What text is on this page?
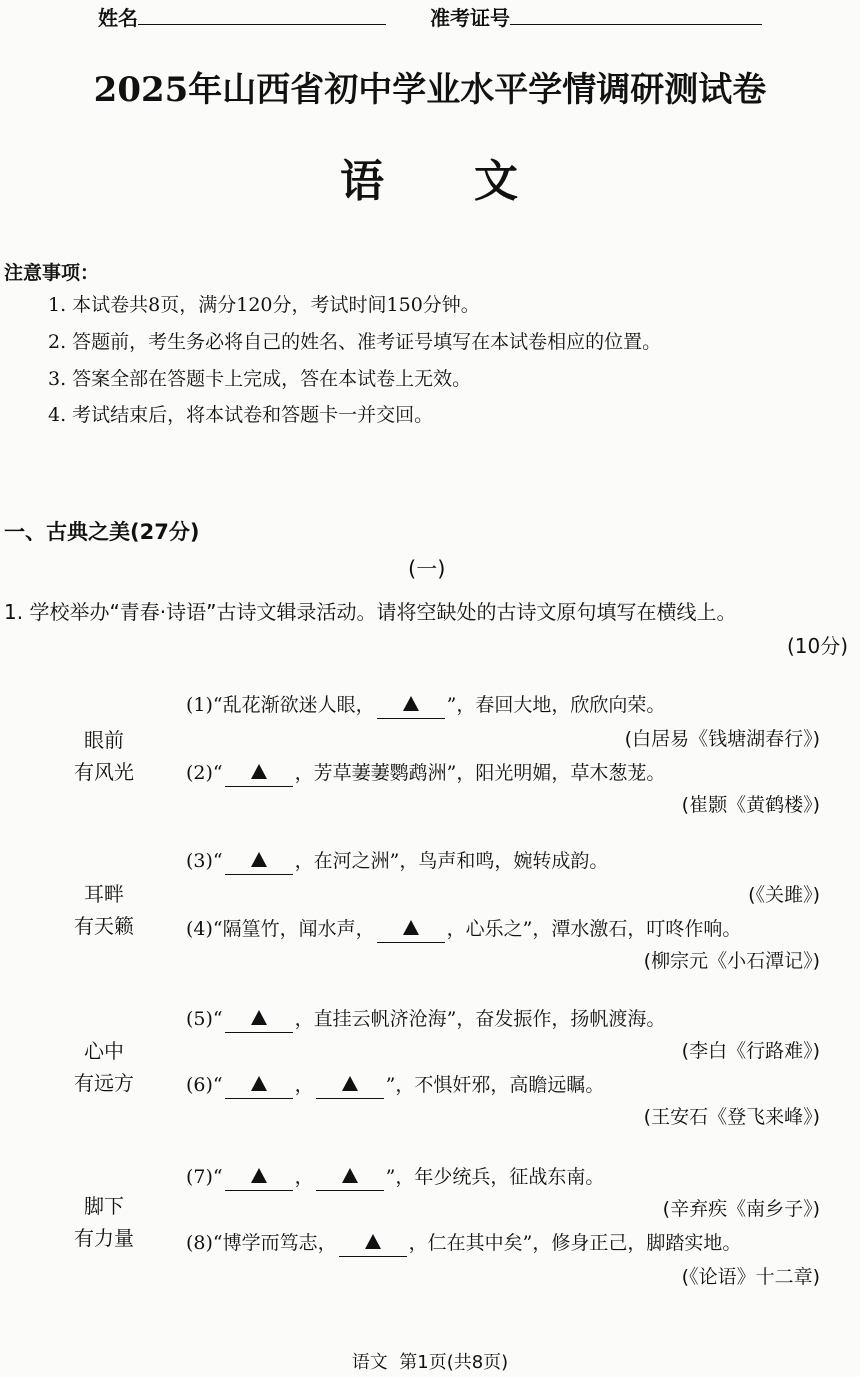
姓名	准考证号
2025年山西省初中学业水平学情调研测试卷
语文
注意事项：
1. 本试卷共8页，满分120分，考试时间150分钟。
2. 答题前，考生务必将自己的姓名、准考证号填写在本试卷相应的位置。
3. 答案全部在答题卡上完成，答在本试卷上无效。
4. 考试结束后，将本试卷和答题卡一并交回。
一、古典之美(27分)
(一)
1. 学校举办“青春·诗语”古诗文辑录活动。请将空缺处的古诗文原句填写在横线上。
(10分)
眼前
有风光
耳畔
有天籁
心中
有远方
脚下
有力量
(1)“乱花渐欲迷人眼，	”，春回大地，欣欣向荣。
(白居易《钱塘湖春行》)
(2)“	，芳草萋萋鹦鹉洲”，阳光明媚，草木葱茏。
(崔颢《黄鹤楼》)
(3)“	，在河之洲”，鸟声和鸣，婉转成韵。
(《关雎》)
(4)“隔篁竹，闻水声，	，心乐之”，潭水激石，叮咚作响。
(柳宗元《小石潭记》)
(5)“	，直挂云帆济沧海”，奋发振作，扬帆渡海。
(李白《行路难》)
(6)“	，	”，不惧奸邪，高瞻远瞩。
(王安石《登飞来峰》)
(7)“	，	”，年少统兵，征战东南。
(辛弃疾《南乡子》)
(8)“博学而笃志，	，仁在其中矣”，修身正己，脚踏实地。
(《论语》十二章)
语文  第1页(共8页)
